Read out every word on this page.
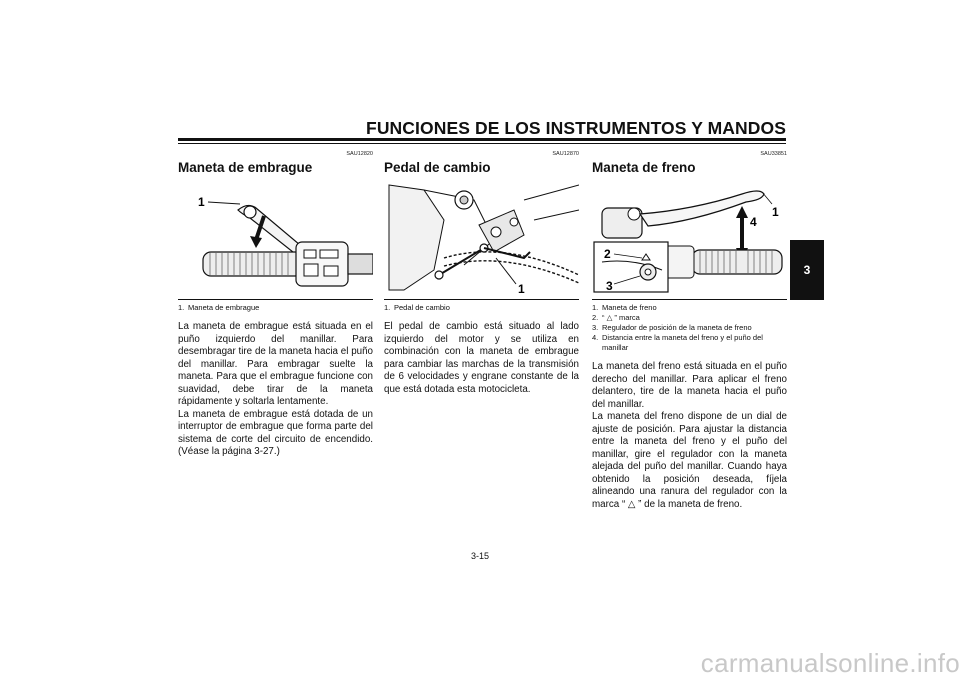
FUNCIONES DE LOS INSTRUMENTOS Y MANDOS
3
SAU12820
Maneta de embrague
1
1. Maneta de embrague

La maneta de embrague está situada en el puño izquierdo del manillar. Para desembragar tire de la maneta hacia el puño del manillar. Para embragar suelte la maneta. Para que el embrague funcione con suavidad, debe tirar de la maneta rápidamente y soltarla lentamente.

La maneta de embrague está dotada de un interruptor de embrague que forma parte del sistema de corte del circuito de encendido. (Véase la página 3-27.)

SAU12870
Pedal de cambio
1
1. Pedal de cambio

El pedal de cambio está situado al lado izquierdo del motor y se utiliza en combinación con la maneta de embrague para cambiar las marchas de la transmisión de 6 velocidades y engrane constante de la que está dotada esta motocicleta.

SAU33851
Maneta de freno
1
4
2
3
1. Maneta de freno
2. “ △ ” marca
3. Regulador de posición de la maneta de freno
4. Distancia entre la maneta del freno y el puño del manillar

La maneta del freno está situada en el puño derecho del manillar. Para aplicar el freno delantero, tire de la maneta hacia el puño del manillar.

La maneta del freno dispone de un dial de ajuste de posición. Para ajustar la distancia entre la maneta del freno y el puño del manillar, gire el regulador con la maneta alejada del puño del manillar. Cuando haya obtenido la posición deseada, fíjela alineando una ranura del regulador con la marca “ △ ” de la maneta de freno.

3-15
carmanualsonline.info
